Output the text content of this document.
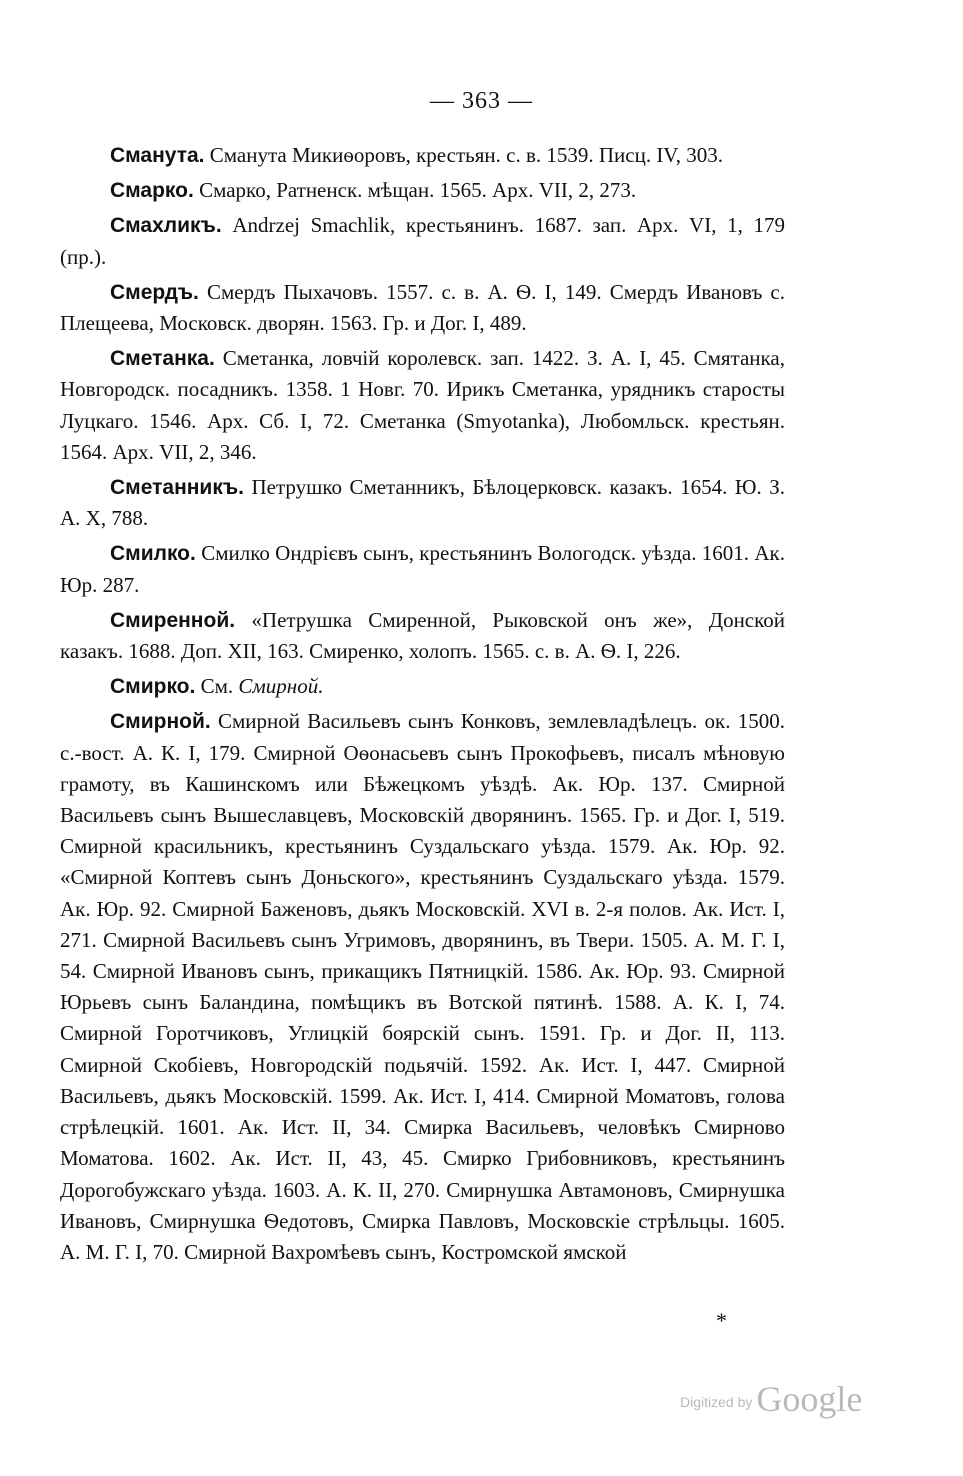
— 363 —

Сманута. Сманута Микиѳоровъ, крестьян. с. в. 1539. Писц. IV, 303.

Смарко. Смарко, Ратненск. мѣщан. 1565. Арх. VII, 2, 273.

Смахликъ. Andrzej Smachlik, крестьянинъ. 1687. зап. Арх. VI, 1, 179 (пр.).

Смердъ. Смердъ Пыхачовъ. 1557. с. в. А. Ѳ. I, 149. Смердъ Ивановъ с. Плещеева, Московск. дворян. 1563. Гр. и Дог. I, 489.

Сметанка. Сметанка, ловчій королевск. зап. 1422. З. А. I, 45. Смятанка, Новгородск. посадникъ. 1358. 1 Новг. 70. Ирикъ Сметанка, урядникъ старосты Луцкаго. 1546. Арх. Сб. I, 72. Сметанка (Smyotanka), Любомльск. крестьян. 1564. Арх. VII, 2, 346.

Сметанникъ. Петрушко Сметанникъ, Бѣлоцерковск. казакъ. 1654. Ю. З. А. X, 788.

Смилко. Смилко Ондрієвъ сынъ, крестьянинъ Вологодск. уѣзда. 1601. Ак. Юр. 287.

Смиренной. «Петрушка Смиренной, Рыковской онъ же», Донской казакъ. 1688. Доп. XII, 163. Смиренко, холопъ. 1565. с. в. А. Ѳ. I, 226.

Смирко. См. Смирной.

Смирной. Смирной Васильевъ сынъ Конковъ, землевладѣлецъ. ок. 1500. с.-вост. А. К. I, 179. Смирной Оѳонасьевъ сынъ Прокофьевъ, писалъ мѣновую грамоту, въ Кашинскомъ или Бѣжецкомъ уѣздѣ. Ак. Юр. 137. Смирной Васильевъ сынъ Вышеславцевъ, Московскій дворянинъ. 1565. Гр. и Дог. I, 519. Смирной красильникъ, крестьянинъ Суздальскаго уѣзда. 1579. Ак. Юр. 92. «Смирной Коптевъ сынъ Доньского», крестьянинъ Суздальскаго уѣзда. 1579. Ак. Юр. 92. Смирной Баженовъ, дьякъ Московскій. XVI в. 2-я полов. Ак. Ист. I, 271. Смирной Васильевъ сынъ Угримовъ, дворянинъ, въ Твери. 1505. А. М. Г. I, 54. Смирной Ивановъ сынъ, прикащикъ Пятницкій. 1586. Ак. Юр. 93. Смирной Юрьевъ сынъ Баландина, помѣщикъ въ Вотской пятинѣ. 1588. А. К. I, 74. Смирной Горотчиковъ, Углицкій боярскій сынъ. 1591. Гр. и Дог. II, 113. Смирной Скобіевъ, Новгородскій подьячій. 1592. Ак. Ист. I, 447. Смирной Васильевъ, дьякъ Московскій. 1599. Ак. Ист. I, 414. Смирной Моматовъ, голова стрѣлецкій. 1601. Ак. Ист. II, 34. Смирка Васильевъ, человѣкъ Смирново Моматова. 1602. Ак. Ист. II, 43, 45. Смирко Грибовниковъ, крестьянинъ Дорогобужскаго уѣзда. 1603. А. К. II, 270. Смирнушка Автамоновъ, Смирнушка Ивановъ, Смирнушка Ѳедотовъ, Смирка Павловъ, Московскіе стрѣльцы. 1605. А. М. Г. I, 70. Смирной Вахромѣевъ сынъ, Костромской ямской

*
Digitized by Google
